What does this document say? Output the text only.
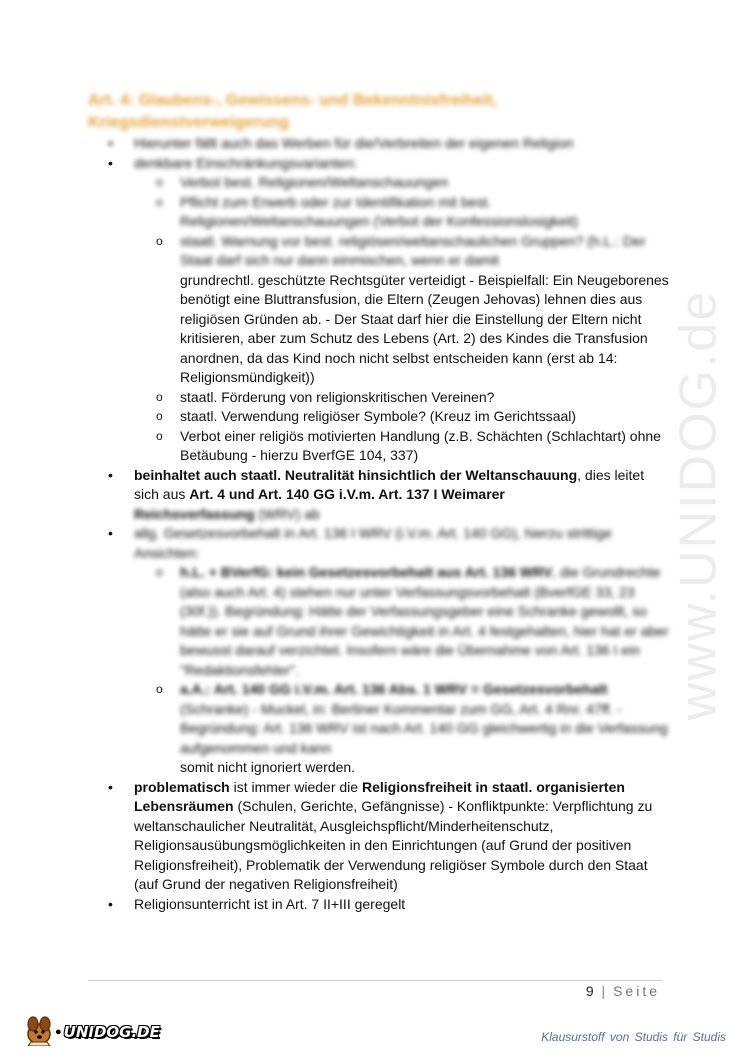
www.UNIDOG.de
Art. 4: Glaubens-, Gewissens- und Bekenntnisfreiheit, Kriegsdienstverweigerung
• Hierunter fällt auch das Werben für die/Verbreiten der eigenen Religion
• denkbare Einschränkungsvarianten:
o Verbot best. Religionen/Weltanschauungen
o Pflicht zum Erwerb oder zur Identifikation mit best. Religionen/Weltanschauungen (Verbot der Konfessionslosigkeit)
o staatl. Warnung vor best. religiösen/weltanschaulichen Gruppen? (h.L.: Der Staat darf sich nur dann einmischen, wenn er damit
grundrechtl. geschützte Rechtsgüter verteidigt - Beispielfall: Ein Neugeborenes benötigt eine Bluttransfusion, die Eltern (Zeugen Jehovas) lehnen dies aus religiösen Gründen ab. - Der Staat darf hier die Einstellung der Eltern nicht kritisieren, aber zum Schutz des Lebens (Art. 2) des Kindes die Transfusion anordnen, da das Kind noch nicht selbst entscheiden kann (erst ab 14: Religionsmündigkeit))
o staatl. Förderung von religionskritischen Vereinen?
o staatl. Verwendung religiöser Symbole? (Kreuz im Gerichtssaal)
o Verbot einer religiös motivierten Handlung (z.B. Schächten (Schlachtart) ohne Betäubung - hierzu BverfGE 104, 337)
• beinhaltet auch staatl. Neutralität hinsichtlich der Weltanschauung, dies leitet sich aus Art. 4 und Art. 140 GG i.V.m. Art. 137 I Weimarer Reichsverfassung (WRV) ab
• allg. Gesetzesvorbehalt in Art. 136 I WRV (i.V.m. Art. 140 GG), hierzu strittige Ansichten:
o h.L. + BVerfG: kein Gesetzesvorbehalt aus Art. 136 WRV, die Grundrechte (also auch Art. 4) stehen nur unter Verfassungsvorbehalt (BverfGE 33, 23 (30f.)). Begründung: Hätte der Verfassungsgeber eine Schranke gewollt, so hätte er sie auf Grund ihrer Gewichtigkeit in Art. 4 festgehalten, hier hat er aber bewusst darauf verzichtet. Insofern wäre die Übernahme von Art. 136 I ein "Redaktionsfehler".
o a.A.: Art. 140 GG i.V.m. Art. 136 Abs. 1 WRV = Gesetzesvorbehalt (Schranke) - Muckel, in: Berliner Kommentar zum GG, Art. 4 Rnr. 47ff. - Begründung: Art. 136 WRV ist nach Art. 140 GG gleichwertig in die Verfassung aufgenommen und kann
somit nicht ignoriert werden.
• problematisch ist immer wieder die Religionsfreiheit in staatl. organisierten Lebensräumen (Schulen, Gerichte, Gefängnisse) - Konfliktpunkte: Verpflichtung zu weltanschaulicher Neutralität, Ausgleichspflicht/Minderheitenschutz, Religionsausübungsmöglichkeiten in den Einrichtungen (auf Grund der positiven Religionsfreiheit), Problematik der Verwendung religiöser Symbole durch den Staat (auf Grund der negativen Religionsfreiheit)
• Religionsunterricht ist in Art. 7 II+III geregelt
9 | Seite
● UNIDOG.DE	Klausurstoff von Studis für Studis
